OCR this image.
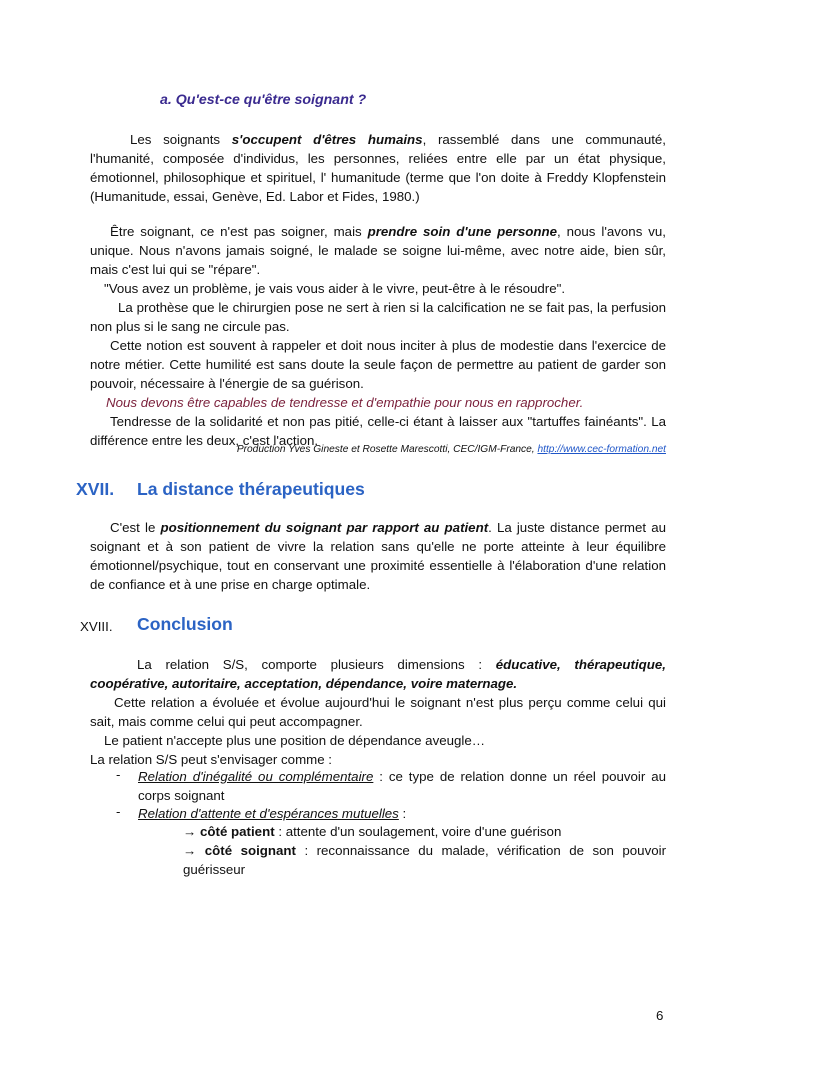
a. Qu'est-ce qu'être soignant ?
Les soignants s'occupent d'êtres humains, rassemblé dans une communauté, l'humanité, composée d'individus, les personnes, reliées entre elle par un état physique, émotionnel, philosophique et spirituel, l' humanitude (terme que l'on doite à Freddy Klopfenstein (Humanitude, essai, Genève, Ed. Labor et Fides, 1980.)

Être soignant, ce n'est pas soigner, mais prendre soin d'une personne, nous l'avons vu, unique. Nous n'avons jamais soigné, le malade se soigne lui-même, avec notre aide, bien sûr, mais c'est lui qui se "répare".

"Vous avez un problème, je vais vous aider à le vivre, peut-être à le résoudre".

La prothèse que le chirurgien pose ne sert à rien si la calcification ne se fait pas, la perfusion non plus si le sang ne circule pas.

Cette notion est souvent à rappeler et doit nous inciter à plus de modestie dans l'exercice de notre métier. Cette humilité est sans doute la seule façon de permettre au patient de garder son pouvoir, nécessaire à l'énergie de sa guérison.

Nous devons être capables de tendresse et d'empathie pour nous en rapprocher.

Tendresse de la solidarité et non pas pitié, celle-ci étant à laisser aux "tartuffes fainéants". La différence entre les deux, c'est l'action.

Production Yves Gineste et Rosette Marescotti, CEC/IGM-France, http://www.cec-formation.net
XVII. La distance thérapeutiques
C'est le positionnement du soignant par rapport au patient. La juste distance permet au soignant et à son patient de vivre la relation sans qu'elle ne porte atteinte à leur équilibre émotionnel/psychique, tout en conservant une proximité essentielle à l'élaboration d'une relation de confiance et à une prise en charge optimale.
XVIII. Conclusion
La relation S/S, comporte plusieurs dimensions : éducative, thérapeutique, coopérative, autoritaire, acceptation, dépendance, voire maternage.

Cette relation a évoluée et évolue aujourd'hui le soignant n'est plus perçu comme celui qui sait, mais comme celui qui peut accompagner.

Le patient n'accepte plus une position de dépendance aveugle…

La relation S/S peut s'envisager comme :

- Relation d'inégalité ou complémentaire : ce type de relation donne un réel pouvoir au corps soignant
- Relation d'attente et d'espérances mutuelles :
→ côté patient : attente d'un soulagement, voire d'une guérison
→ côté soignant : reconnaissance du malade, vérification de son pouvoir guérisseur
6
